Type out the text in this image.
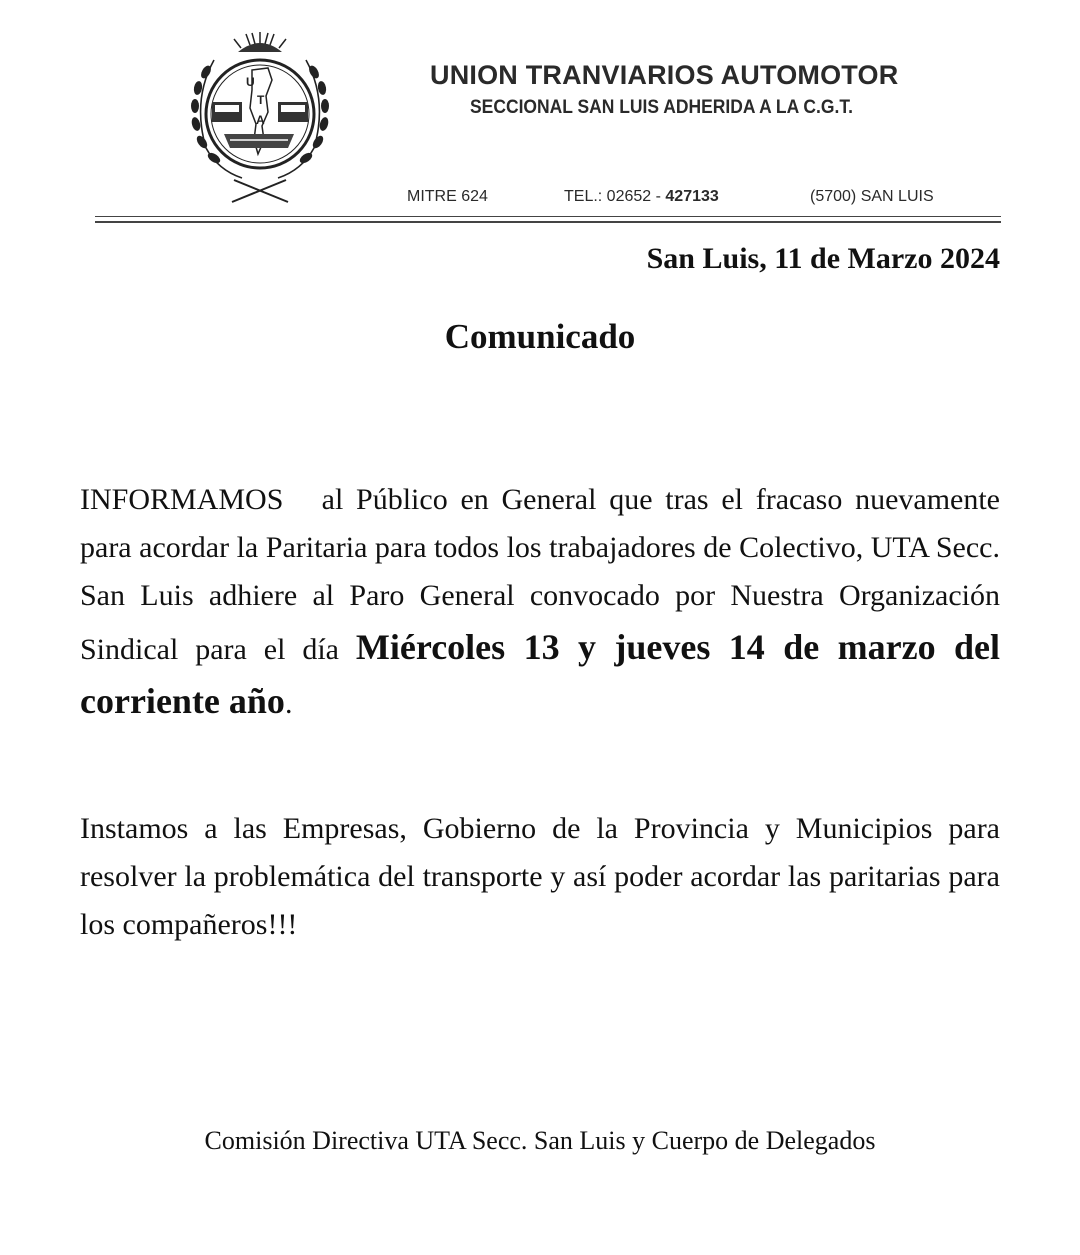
U
T
A
UNION TRANVIARIOS AUTOMOTOR
SECCIONAL SAN LUIS ADHERIDA A LA C.G.T.
MITRE 624	TEL.: 02652 - 427133	(5700) SAN LUIS
San Luis, 11 de Marzo 2024
Comunicado

INFORMAMOS   al Público en General que tras el fracaso nuevamente para acordar la Paritaria para todos los trabajadores de Colectivo, UTA Secc. San Luis adhiere al Paro General convocado por Nuestra Organización Sindical para el día Miércoles 13 y jueves 14 de marzo del corriente año.

Instamos a las Empresas, Gobierno de la Provincia y Municipios para resolver la problemática del transporte y así poder acordar las paritarias para los compañeros!!!

Comisión Directiva UTA Secc. San Luis y Cuerpo de Delegados
